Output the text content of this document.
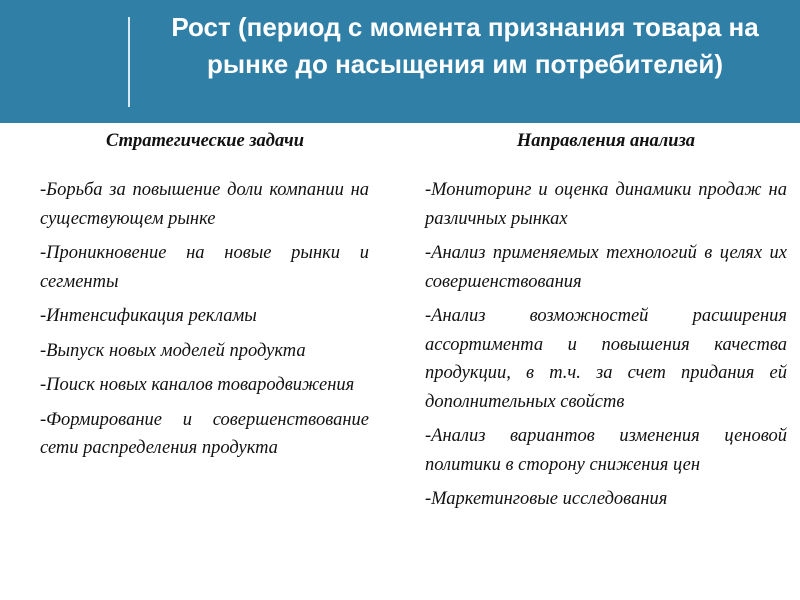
Рост (период с момента признания товара на рынке до насыщения им потребителей)
Стратегические задачи	Направления анализа
-Борьба за повышение доли компании на существующем рынке
-Проникновение на новые рынки и сегменты
-Интенсификация рекламы
-Выпуск новых моделей продукта
-Поиск новых каналов товародвижения
-Формирование и совершенствование сети распределения продукта
-Мониторинг и оценка динамики продаж на различных рынках
-Анализ применяемых технологий в целях их совершенствования
-Анализ возможностей расширения ассортимента и повышения качества продукции, в т.ч. за счет придания ей дополнительных свойств
-Анализ вариантов изменения ценовой политики в сторону снижения цен
-Маркетинговые исследования
